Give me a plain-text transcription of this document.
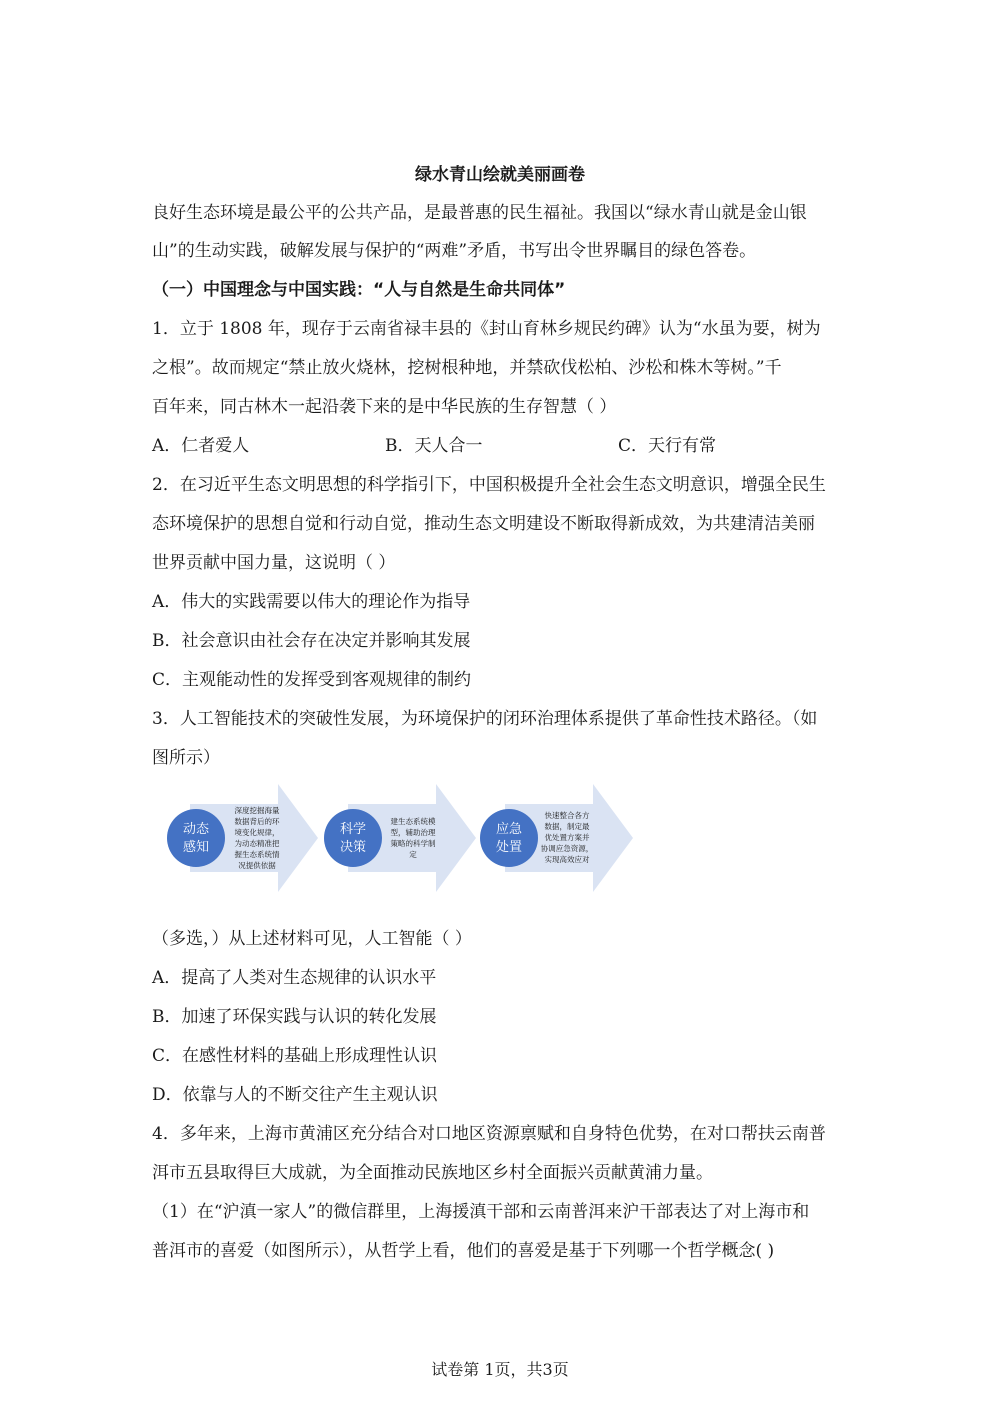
绿水青山绘就美丽画卷
良好生态环境是最公平的公共产品，是最普惠的民生福祉。我国以“绿水青山就是金山银
山”的生动实践，破解发展与保护的“两难”矛盾，书写出令世界瞩目的绿色答卷。
（一）中国理念与中国实践：“人与自然是生命共同体”
1．立于 1808 年，现存于云南省禄丰县的《封山育林乡规民约碑》认为“水虽为要，树为
之根”。故而规定“禁止放火烧林，挖树根种地，并禁砍伐松柏、沙松和株木等树。”千
百年来，同古林木一起沿袭下来的是中华民族的生存智慧（ ）
A．仁者爱人	B．天人合一	C．天行有常
2．在习近平生态文明思想的科学指引下，中国积极提升全社会生态文明意识，增强全民生
态环境保护的思想自觉和行动自觉，推动生态文明建设不断取得新成效，为共建清洁美丽
世界贡献中国力量，这说明（ ）
A．伟大的实践需要以伟大的理论作为指导
B．社会意识由社会存在决定并影响其发展
C．主观能动性的发挥受到客观规律的制约
3．人工智能技术的突破性发展，为环境保护的闭环治理体系提供了革命性技术路径。（如
图所示）
动态
感知
深度挖掘海量
数据背后的环
境变化规律，
为动态精准把
握生态系统情
况提供依据
科学
决策
建生态系统模
型，辅助治理
策略的科学制
定
应急
处置
快速整合各方
数据，制定最
优处置方案并
协调应急资源，
实现高效应对
（多选，）从上述材料可见，人工智能（ ）
A．提高了人类对生态规律的认识水平
B．加速了环保实践与认识的转化发展
C．在感性材料的基础上形成理性认识
D．依靠与人的不断交往产生主观认识
4．多年来，上海市黄浦区充分结合对口地区资源禀赋和自身特色优势，在对口帮扶云南普
洱市五县取得巨大成就，为全面推动民族地区乡村全面振兴贡献黄浦力量。
（1）在“沪滇一家人”的微信群里，上海援滇干部和云南普洱来沪干部表达了对上海市和
普洱市的喜爱（如图所示），从哲学上看，他们的喜爱是基于下列哪一个哲学概念( )
试卷第 1页，共3页
